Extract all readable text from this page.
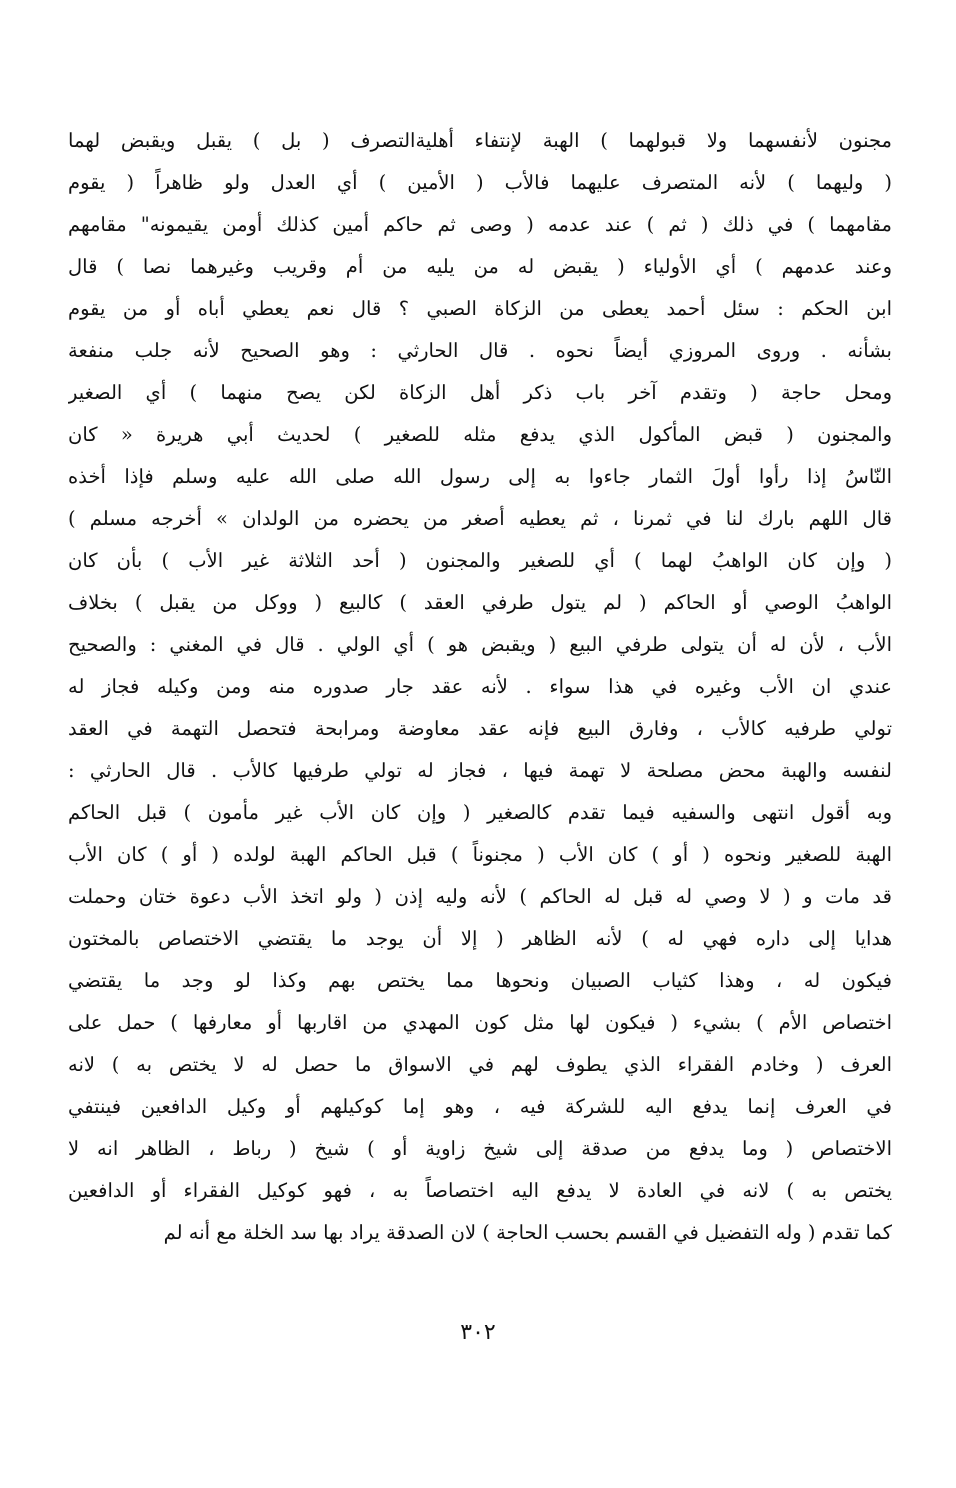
مجنون لأنفسهما ولا قبولهما ) الهبة لإنتفاء أهليةالتصرف ( بل ) يقبل ويقبض لهما
( وليهما ) لأنه المتصرف عليهما فالأب ( الأمين ) أي العدل ولو ظاهراً ( يقوم
مقامهما ) في ذلك ( ثم ) عند عدمه ( وصى ثم حاكم أمين كذلك أومن يقيمونه" مقامهم
وعند عدمهم ) أي الأولياء ( يقبض له من يليه من أم وقريب وغيرهما نصا ) قال
ابن الحكم : سئل أحمد يعطى من الزكاة الصبي ؟ قال نعم يعطي أباه أو من يقوم
بشأنه . وروى المروزي أيضاً نحوه . قال الحارثي : وهو الصحيح لأنه جلب منفعة
ومحل حاجة ( وتقدم آخر باب ذكر أهل الزكاة لكن يصح منهما ) أي الصغير
والمجنون ( قبض المأكول الذي يدفع مثله للصغير ) لحديث أبي هريرة « كان
النّاسُ إذا رأوا أولَ الثمار جاءوا به إلى رسول الله صلى الله عليه وسلم فإذا أخذه
قال اللهم بارك لنا في ثمرنا ، ثم يعطيه أصغر من يحضره من الولدان » أخرجه مسلم )
( وإن كان الواهبُ لهما ) أي للصغير والمجنون ( أحد الثلاثة غير الأب ) بأن كان
الواهبُ الوصي أو الحاكم ( لم يتول طرفي العقد ) كالبيع ( ووكل من يقبل ) بخلاف
الأب ، لأن له أن يتولى طرفي البيع ( ويقبض هو ) أي الولي . قال في المغني : والصحيح
عندي ان الأب وغيره في هذا سواء . لأنه عقد جار صدوره منه ومن وكيله فجاز له
تولي طرفيه كالأب ، وفارق البيع فإنه عقد معاوضة ومرابحة فتحصل التهمة في العقد
لنفسه والهبة محض مصلحة لا تهمة فيها ، فجاز له تولي طرفيها كالأب . قال الحارثي :
وبه أقول انتهى والسفيه فيما تقدم كالصغير ( وإن كان الأب غير مأمون ) قبل الحاكم
الهبة للصغير ونحوه ( أو ) كان الأب ( مجنوناً ) قبل الحاكم الهبة لولده ( أو ) كان الأب
قد مات و ( لا وصي له قبل له الحاكم ) لأنه وليه إذن ( ولو اتخذ الأب دعوة ختان وحملت
هدايا إلى داره فهي له ) لأنه الظاهر ( إلا أن يوجد ما يقتضي الاختصاص بالمختون
فيكون له ، وهذا كثياب الصبيان ونحوها مما يختص بهم وكذا لو وجد ما يقتضي
اختصاص الأم ) بشيء ( فيكون لها مثل كون المهدي من اقاربها أو معارفها ) حمل على
العرف ( وخادم الفقراء الذي يطوف لهم في الاسواق ما حصل له لا يختص به ) لانه
في العرف إنما يدفع اليه للشركة فيه ، وهو إما كوكيلهم أو وكيل الدافعين فينتفي
الاختصاص ( وما يدفع من صدقة إلى شيخ زاوية أو ) شيخ ( رباط ، الظاهر انه لا
يختص به ) لانه في العادة لا يدفع اليه اختصاصاً به ، فهو كوكيل الفقراء أو الدافعين
كما تقدم ( وله التفضيل في القسم بحسب الحاجة ) لان الصدقة يراد بها سد الخلة مع أنه لم
٣٠٢
